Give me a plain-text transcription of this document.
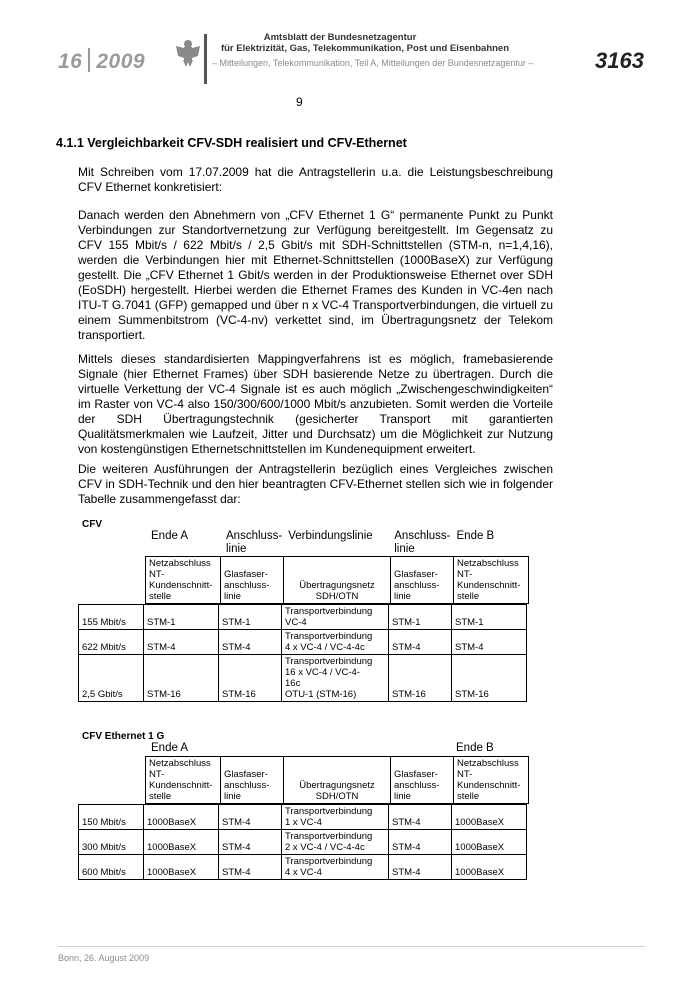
16 2009
Amtsblatt der Bundesnetzagentur
für Elektrizität, Gas, Telekommunikation, Post und Eisenbahnen
– Mitteilungen, Telekommunikation, Teil A, Mitteilungen der Bundesnetzagentur –	3163
9
4.1.1 Vergleichbarkeit CFV-SDH realisiert und CFV-Ethernet
Mit Schreiben vom 17.07.2009 hat die Antragstellerin u.a. die Leistungsbeschreibung CFV Ethernet konkretisiert:
Danach werden den Abnehmern von „CFV Ethernet 1 G“ permanente Punkt zu Punkt Verbindungen zur Standortvernetzung zur Verfügung bereitgestellt. Im Gegensatz zu CFV 155 Mbit/s / 622 Mbit/s / 2,5 Gbit/s mit SDH-Schnittstellen (STM-n, n=1,4,16), werden die Verbindungen hier mit Ethernet-Schnittstellen (1000BaseX) zur Verfügung gestellt. Die „CFV Ethernet 1 Gbit/s werden in der Produktionsweise Ethernet over SDH (EoSDH) hergestellt. Hierbei werden die Ethernet Frames des Kunden in VC-4en nach ITU-T G.7041 (GFP) gemapped und über n x VC-4 Transportverbindungen, die virtuell zu einem Summenbitstrom (VC-4-nv) verkettet sind, im Übertragungsnetz der Telekom transportiert.
Mittels dieses standardisierten Mappingverfahrens ist es möglich, framebasierende Signale (hier Ethernet Frames) über SDH basierende Netze zu übertragen. Durch die virtuelle Verkettung der VC-4 Signale ist es auch möglich „Zwischengeschwindigkeiten“ im Raster von VC-4 also 150/300/600/1000 Mbit/s anzubieten. Somit werden die Vorteile der SDH Übertragungstechnik (gesicherter Transport mit garantierten Qualitätsmerkmalen wie Laufzeit, Jitter und Durchsatz) um die Möglichkeit zur Nutzung von kostengünstigen Ethernetschnittstellen im Kundenequipment erweitert.
Die weiteren Ausführungen der Antragstellerin bezüglich eines Vergleiches zwischen CFV in SDH-Technik und den hier beantragten CFV-Ethernet stellen sich wie in folgender Tabelle zusammengefasst dar:
CFV
	Ende A	Anschluss-
linie	Verbindungslinie	Anschluss-
linie	Ende B
Netzabschluss
NT-
Kundenschnitt-
stelle	Glasfaser-
anschluss-
linie	Übertragungsnetz
SDH/OTN	Glasfaser-
anschluss-
linie	Netzabschluss
NT-
Kundenschnitt-
stelle
155 Mbit/s	STM-1	STM-1	Transportverbindung
VC-4	STM-1	STM-1
622 Mbit/s	STM-4	STM-4	Transportverbindung
4 x VC-4 / VC-4-4c	STM-4	STM-4
2,5 Gbit/s	STM-16	STM-16	Transportverbindung
16 x VC-4 / VC-4-
16c
OTU-1 (STM-16)	STM-16	STM-16
CFV Ethernet 1 G
	Ende A				Ende B
Netzabschluss
NT-
Kundenschnitt-
stelle	Glasfaser-
anschluss-
linie	Übertragungsnetz
SDH/OTN	Glasfaser-
anschluss-
linie	Netzabschluss
NT-
Kundenschnitt-
stelle
150 Mbit/s	1000BaseX	STM-4	Transportverbindung
1 x VC-4	STM-4	1000BaseX
300 Mbit/s	1000BaseX	STM-4	Transportverbindung
2 x VC-4 / VC-4-4c	STM-4	1000BaseX
600 Mbit/s	1000BaseX	STM-4	Transportverbindung
4 x VC-4	STM-4	1000BaseX
Bonn, 26. August 2009
